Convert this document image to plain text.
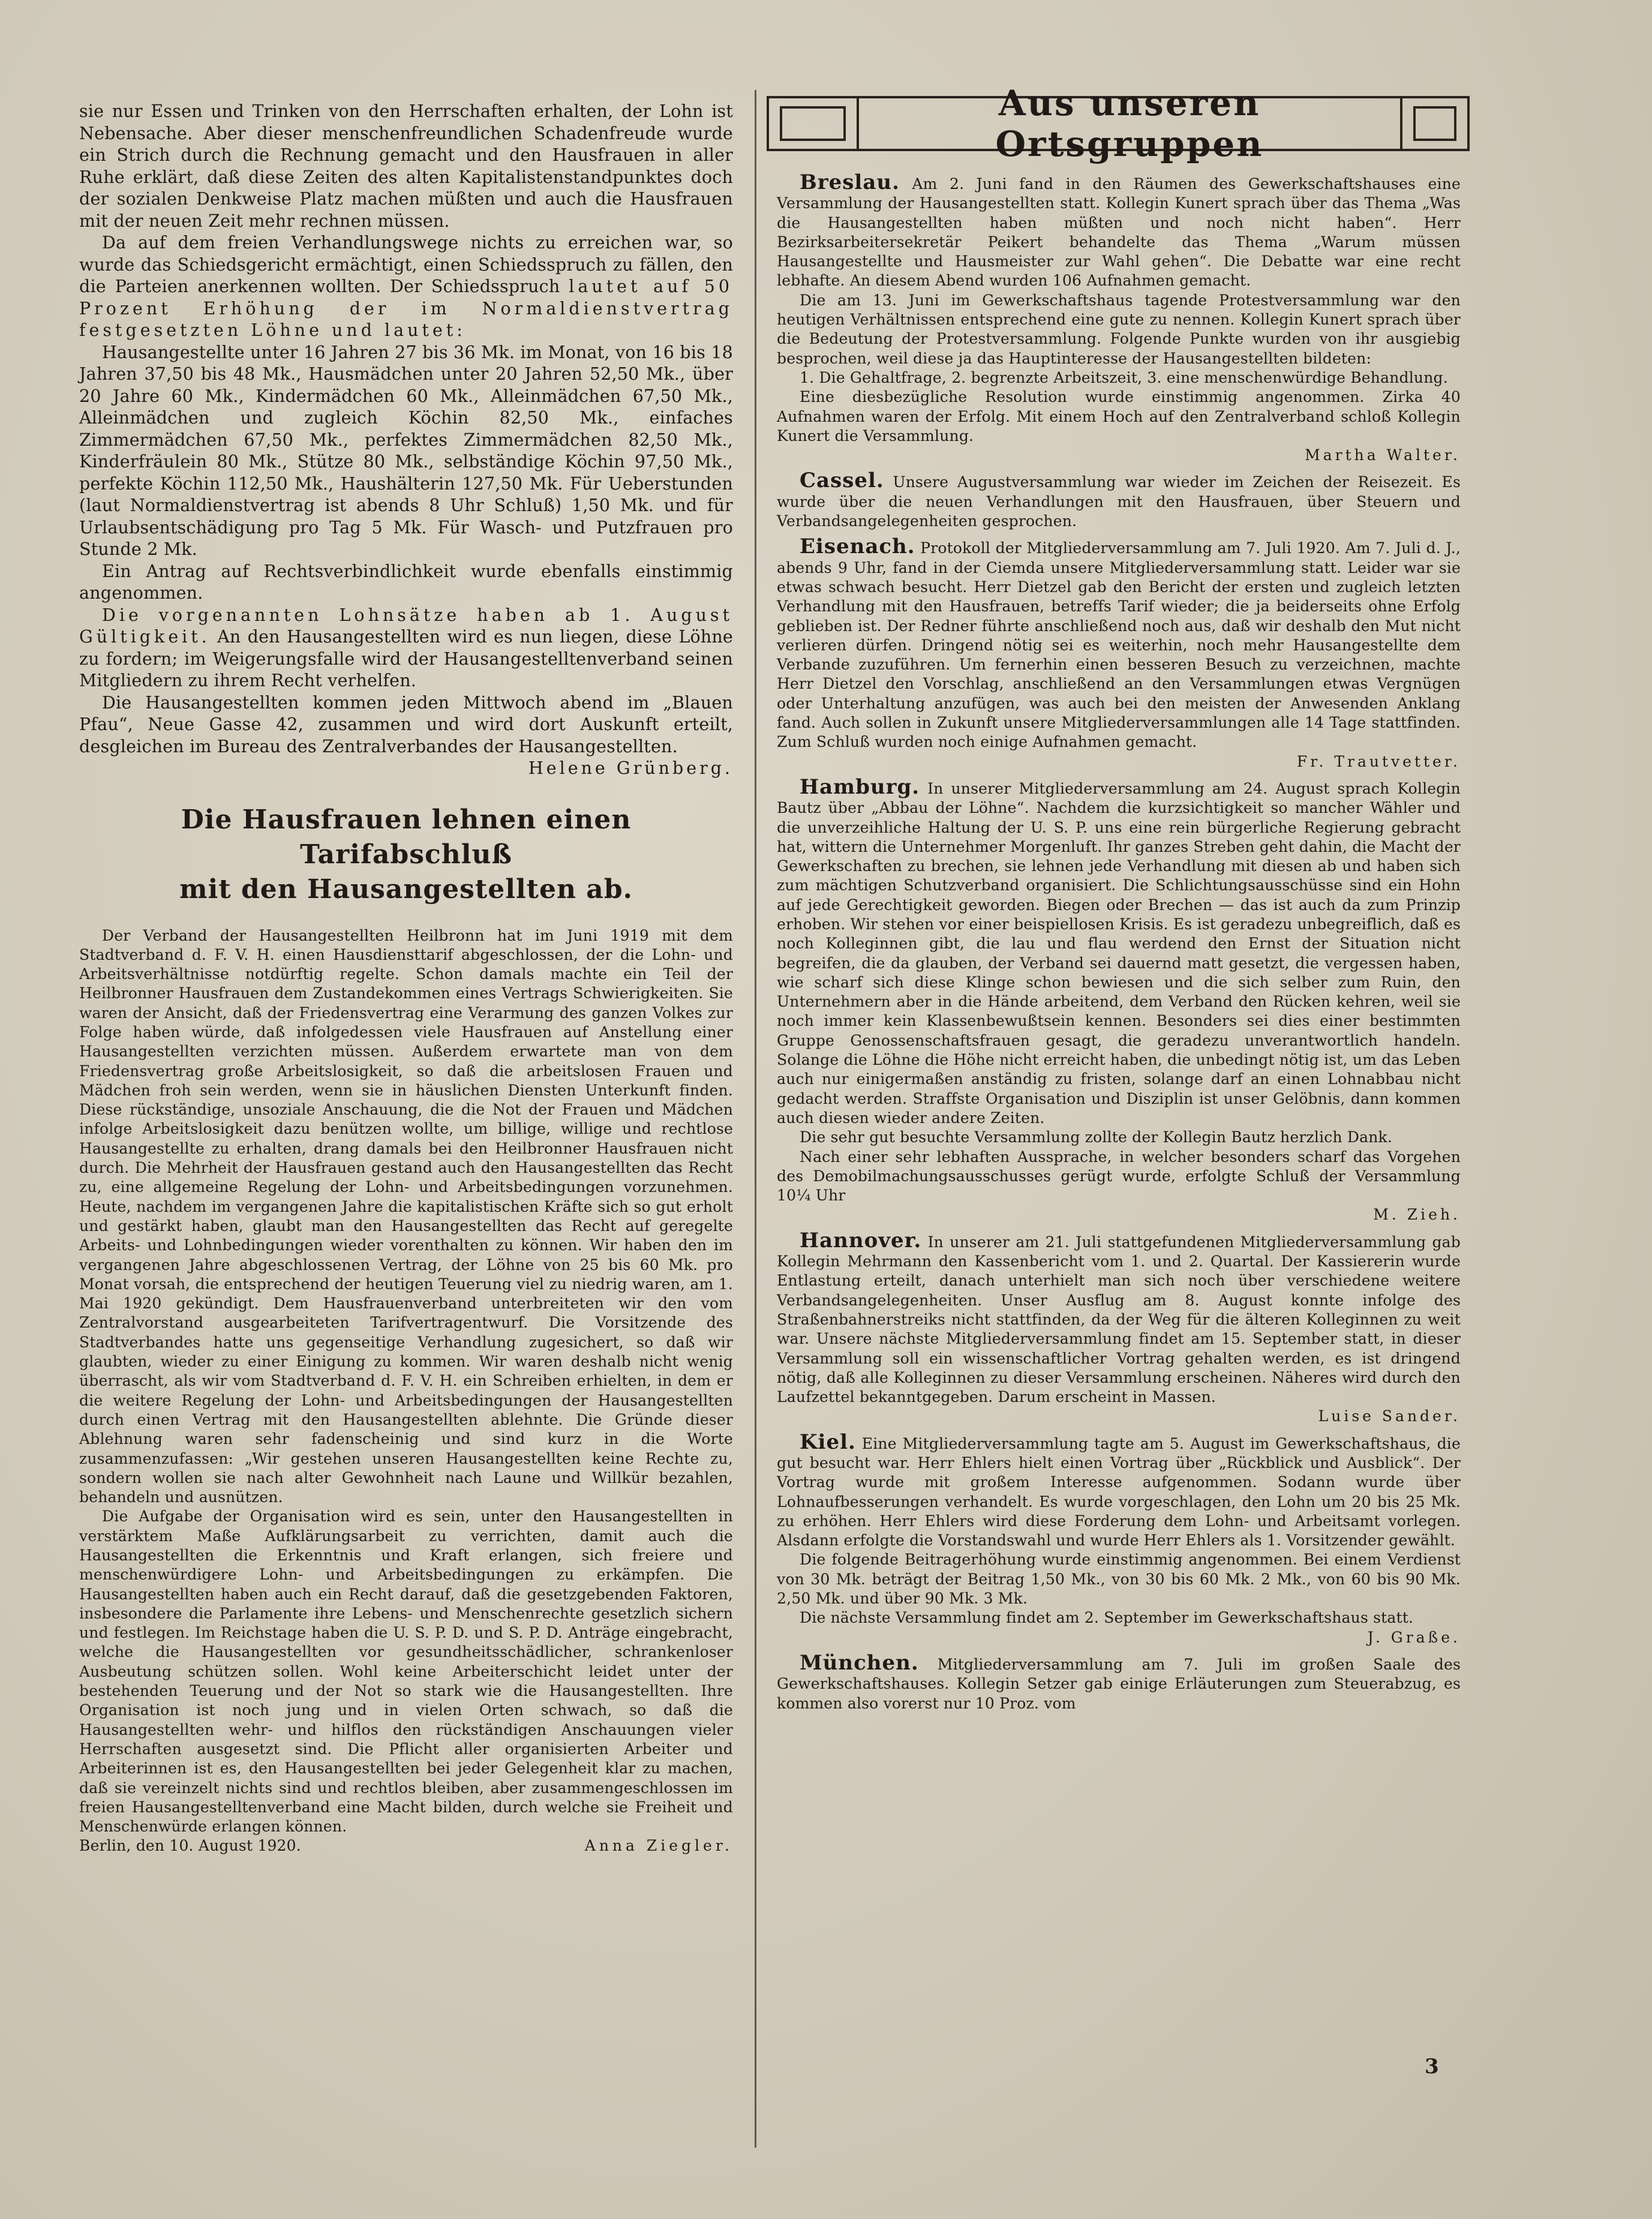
sie nur Essen und Trinken von den Herrschaften erhalten, der Lohn ist Nebensache. Aber dieser menschenfreundlichen Schadenfreude wurde ein Strich durch die Rechnung gemacht und den Hausfrauen in aller Ruhe erklärt, daß diese Zeiten des alten Kapitalistenstandpunktes doch der sozialen Denkweise Platz machen müßten und auch die Hausfrauen mit der neuen Zeit mehr rechnen müssen.

Da auf dem freien Verhandlungswege nichts zu erreichen war, so wurde das Schiedsgericht ermächtigt, einen Schiedsspruch zu fällen, den die Parteien anerkennen wollten. Der Schiedsspruch lautet auf 50 Prozent Erhöhung der im Normaldienstvertrag festgesetzten Löhne und lautet:

Hausangestellte unter 16 Jahren 27 bis 36 Mk. im Monat, von 16 bis 18 Jahren 37,50 bis 48 Mk., Hausmädchen unter 20 Jahren 52,50 Mk., über 20 Jahre 60 Mk., Kindermädchen 60 Mk., Alleinmädchen 67,50 Mk., Alleinmädchen und zugleich Köchin 82,50 Mk., einfaches Zimmermädchen 67,50 Mk., perfektes Zimmermädchen 82,50 Mk., Kinderfräulein 80 Mk., Stütze 80 Mk., selbständige Köchin 97,50 Mk., perfekte Köchin 112,50 Mk., Haushälterin 127,50 Mk. Für Ueberstunden (laut Normaldienstvertrag ist abends 8 Uhr Schluß) 1,50 Mk. und für Urlaubsentschädigung pro Tag 5 Mk. Für Wasch- und Putzfrauen pro Stunde 2 Mk.

Ein Antrag auf Rechtsverbindlichkeit wurde ebenfalls einstimmig angenommen.

Die vorgenannten Lohnsätze haben ab 1. August Gültigkeit. An den Hausangestellten wird es nun liegen, diese Löhne zu fordern; im Weigerungsfalle wird der Hausangestelltenverband seinen Mitgliedern zu ihrem Recht verhelfen.

Die Hausangestellten kommen jeden Mittwoch abend im „Blauen Pfau“, Neue Gasse 42, zusammen und wird dort Auskunft erteilt, desgleichen im Bureau des Zentralverbandes der Hausangestellten.

Helene Grünberg.

Die Hausfrauen lehnen einen Tarifabschluß
mit den Hausangestellten ab.

Der Verband der Hausangestellten Heilbronn hat im Juni 1919 mit dem Stadtverband d. F. V. H. einen Hausdiensttarif abgeschlossen, der die Lohn- und Arbeitsverhältnisse notdürftig regelte. Schon damals machte ein Teil der Heilbronner Hausfrauen dem Zustandekommen eines Vertrags Schwierigkeiten. Sie waren der Ansicht, daß der Friedensvertrag eine Verarmung des ganzen Volkes zur Folge haben würde, daß infolgedessen viele Hausfrauen auf Anstellung einer Hausangestellten verzichten müssen. Außerdem erwartete man von dem Friedensvertrag große Arbeitslosigkeit, so daß die arbeitslosen Frauen und Mädchen froh sein werden, wenn sie in häuslichen Diensten Unterkunft finden. Diese rückständige, unsoziale Anschauung, die die Not der Frauen und Mädchen infolge Arbeitslosigkeit dazu benützen wollte, um billige, willige und rechtlose Hausangestellte zu erhalten, drang damals bei den Heilbronner Hausfrauen nicht durch. Die Mehrheit der Hausfrauen gestand auch den Hausangestellten das Recht zu, eine allgemeine Regelung der Lohn- und Arbeitsbedingungen vorzunehmen. Heute, nachdem im vergangenen Jahre die kapitalistischen Kräfte sich so gut erholt und gestärkt haben, glaubt man den Hausangestellten das Recht auf geregelte Arbeits- und Lohnbedingungen wieder vorenthalten zu können. Wir haben den im vergangenen Jahre abgeschlossenen Vertrag, der Löhne von 25 bis 60 Mk. pro Monat vorsah, die entsprechend der heutigen Teuerung viel zu niedrig waren, am 1. Mai 1920 gekündigt. Dem Hausfrauenverband unterbreiteten wir den vom Zentralvorstand ausgearbeiteten Tarifvertragentwurf. Die Vorsitzende des Stadtverbandes hatte uns gegenseitige Verhandlung zugesichert, so daß wir glaubten, wieder zu einer Einigung zu kommen. Wir waren deshalb nicht wenig überrascht, als wir vom Stadtverband d. F. V. H. ein Schreiben erhielten, in dem er die weitere Regelung der Lohn- und Arbeitsbedingungen der Hausangestellten durch einen Vertrag mit den Hausangestellten ablehnte. Die Gründe dieser Ablehnung waren sehr fadenscheinig und sind kurz in die Worte zusammenzufassen: „Wir gestehen unseren Hausangestellten keine Rechte zu, sondern wollen sie nach alter Gewohnheit nach Laune und Willkür bezahlen, behandeln und ausnützen.

Die Aufgabe der Organisation wird es sein, unter den Hausangestellten in verstärktem Maße Aufklärungsarbeit zu verrichten, damit auch die Hausangestellten die Erkenntnis und Kraft erlangen, sich freiere und menschenwürdigere Lohn- und Arbeitsbedingungen zu erkämpfen. Die Hausangestellten haben auch ein Recht darauf, daß die gesetzgebenden Faktoren, insbesondere die Parlamente ihre Lebens- und Menschenrechte gesetzlich sichern und festlegen. Im Reichstage haben die U. S. P. D. und S. P. D. Anträge eingebracht, welche die Hausangestellten vor gesundheitsschädlicher, schrankenloser Ausbeutung schützen sollen. Wohl keine Arbeiterschicht leidet unter der bestehenden Teuerung und der Not so stark wie die Hausangestellten. Ihre Organisation ist noch jung und in vielen Orten schwach, so daß die Hausangestellten wehr- und hilflos den rückständigen Anschauungen vieler Herrschaften ausgesetzt sind. Die Pflicht aller organisierten Arbeiter und Arbeiterinnen ist es, den Hausangestellten bei jeder Gelegenheit klar zu machen, daß sie vereinzelt nichts sind und rechtlos bleiben, aber zusammengeschlossen im freien Hausangestelltenverband eine Macht bilden, durch welche sie Freiheit und Menschenwürde erlangen können.

Berlin, den 10. August 1920.	Anna Ziegler.
Aus unseren Ortsgruppen

Breslau. Am 2. Juni fand in den Räumen des Gewerkschaftshauses eine Versammlung der Hausangestellten statt. Kollegin Kunert sprach über das Thema „Was die Hausangestellten haben müßten und noch nicht haben“. Herr Bezirksarbeitersekretär Peikert behandelte das Thema „Warum müssen Hausangestellte und Hausmeister zur Wahl gehen“. Die Debatte war eine recht lebhafte. An diesem Abend wurden 106 Aufnahmen gemacht.

Die am 13. Juni im Gewerkschaftshaus tagende Protestversammlung war den heutigen Verhältnissen entsprechend eine gute zu nennen. Kollegin Kunert sprach über die Bedeutung der Protestversammlung. Folgende Punkte wurden von ihr ausgiebig besprochen, weil diese ja das Hauptinteresse der Hausangestellten bildeten:

1. Die Gehaltfrage, 2. begrenzte Arbeitszeit, 3. eine menschenwürdige Behandlung.

Eine diesbezügliche Resolution wurde einstimmig angenommen. Zirka 40 Aufnahmen waren der Erfolg. Mit einem Hoch auf den Zentralverband schloß Kollegin Kunert die Versammlung.

Martha Walter.

Cassel. Unsere Augustversammlung war wieder im Zeichen der Reisezeit. Es wurde über die neuen Verhandlungen mit den Hausfrauen, über Steuern und Verbandsangelegenheiten gesprochen.

Eisenach. Protokoll der Mitgliederversammlung am 7. Juli 1920. Am 7. Juli d. J., abends 9 Uhr, fand in der Ciemda unsere Mitgliederversammlung statt. Leider war sie etwas schwach besucht. Herr Dietzel gab den Bericht der ersten und zugleich letzten Verhandlung mit den Hausfrauen, betreffs Tarif wieder; die ja beiderseits ohne Erfolg geblieben ist. Der Redner führte anschließend noch aus, daß wir deshalb den Mut nicht verlieren dürfen. Dringend nötig sei es weiterhin, noch mehr Hausangestellte dem Verbande zuzuführen. Um fernerhin einen besseren Besuch zu verzeichnen, machte Herr Dietzel den Vorschlag, anschließend an den Versammlungen etwas Vergnügen oder Unterhaltung anzufügen, was auch bei den meisten der Anwesenden Anklang fand. Auch sollen in Zukunft unsere Mitgliederversammlungen alle 14 Tage stattfinden. Zum Schluß wurden noch einige Aufnahmen gemacht.

Fr. Trautvetter.

Hamburg. In unserer Mitgliederversammlung am 24. August sprach Kollegin Bautz über „Abbau der Löhne“. Nachdem die kurzsichtigkeit so mancher Wähler und die unverzeihliche Haltung der U. S. P. uns eine rein bürgerliche Regierung gebracht hat, wittern die Unternehmer Morgenluft. Ihr ganzes Streben geht dahin, die Macht der Gewerkschaften zu brechen, sie lehnen jede Verhandlung mit diesen ab und haben sich zum mächtigen Schutzverband organisiert. Die Schlichtungsausschüsse sind ein Hohn auf jede Gerechtigkeit geworden. Biegen oder Brechen — das ist auch da zum Prinzip erhoben. Wir stehen vor einer beispiellosen Krisis. Es ist geradezu unbegreiflich, daß es noch Kolleginnen gibt, die lau und flau werdend den Ernst der Situation nicht begreifen, die da glauben, der Verband sei dauernd matt gesetzt, die vergessen haben, wie scharf sich diese Klinge schon bewiesen und die sich selber zum Ruin, den Unternehmern aber in die Hände arbeitend, dem Verband den Rücken kehren, weil sie noch immer kein Klassenbewußtsein kennen. Besonders sei dies einer bestimmten Gruppe Genossenschaftsfrauen gesagt, die geradezu unverantwortlich handeln. Solange die Löhne die Höhe nicht erreicht haben, die unbedingt nötig ist, um das Leben auch nur einigermaßen anständig zu fristen, solange darf an einen Lohnabbau nicht gedacht werden. Straffste Organisation und Disziplin ist unser Gelöbnis, dann kommen auch diesen wieder andere Zeiten.

Die sehr gut besuchte Versammlung zollte der Kollegin Bautz herzlich Dank.

Nach einer sehr lebhaften Aussprache, in welcher besonders scharf das Vorgehen des Demobilmachungsausschusses gerügt wurde, erfolgte Schluß der Versammlung 10¼ Uhr

M. Zieh.

Hannover. In unserer am 21. Juli stattgefundenen Mitgliederversammlung gab Kollegin Mehrmann den Kassenbericht vom 1. und 2. Quartal. Der Kassiererin wurde Entlastung erteilt, danach unterhielt man sich noch über verschiedene weitere Verbandsangelegenheiten. Unser Ausflug am 8. August konnte infolge des Straßenbahnerstreiks nicht stattfinden, da der Weg für die älteren Kolleginnen zu weit war. Unsere nächste Mitgliederversammlung findet am 15. September statt, in dieser Versammlung soll ein wissenschaftlicher Vortrag gehalten werden, es ist dringend nötig, daß alle Kolleginnen zu dieser Versammlung erscheinen. Näheres wird durch den Laufzettel bekanntgegeben. Darum erscheint in Massen.

Luise Sander.

Kiel. Eine Mitgliederversammlung tagte am 5. August im Gewerkschaftshaus, die gut besucht war. Herr Ehlers hielt einen Vortrag über „Rückblick und Ausblick“. Der Vortrag wurde mit großem Interesse aufgenommen. Sodann wurde über Lohnaufbesserungen verhandelt. Es wurde vorgeschlagen, den Lohn um 20 bis 25 Mk. zu erhöhen. Herr Ehlers wird diese Forderung dem Lohn- und Arbeitsamt vorlegen. Alsdann erfolgte die Vorstandswahl und wurde Herr Ehlers als 1. Vorsitzender gewählt.

Die folgende Beitragerhöhung wurde einstimmig angenommen. Bei einem Verdienst von 30 Mk. beträgt der Beitrag 1,50 Mk., von 30 bis 60 Mk. 2 Mk., von 60 bis 90 Mk. 2,50 Mk. und über 90 Mk. 3 Mk.

Die nächste Versammlung findet am 2. September im Gewerkschaftshaus statt.

J. Graße.

München. Mitgliederversammlung am 7. Juli im großen Saale des Gewerkschaftshauses. Kollegin Setzer gab einige Erläuterungen zum Steuerabzug, es kommen also vorerst nur 10 Proz. vom

3
